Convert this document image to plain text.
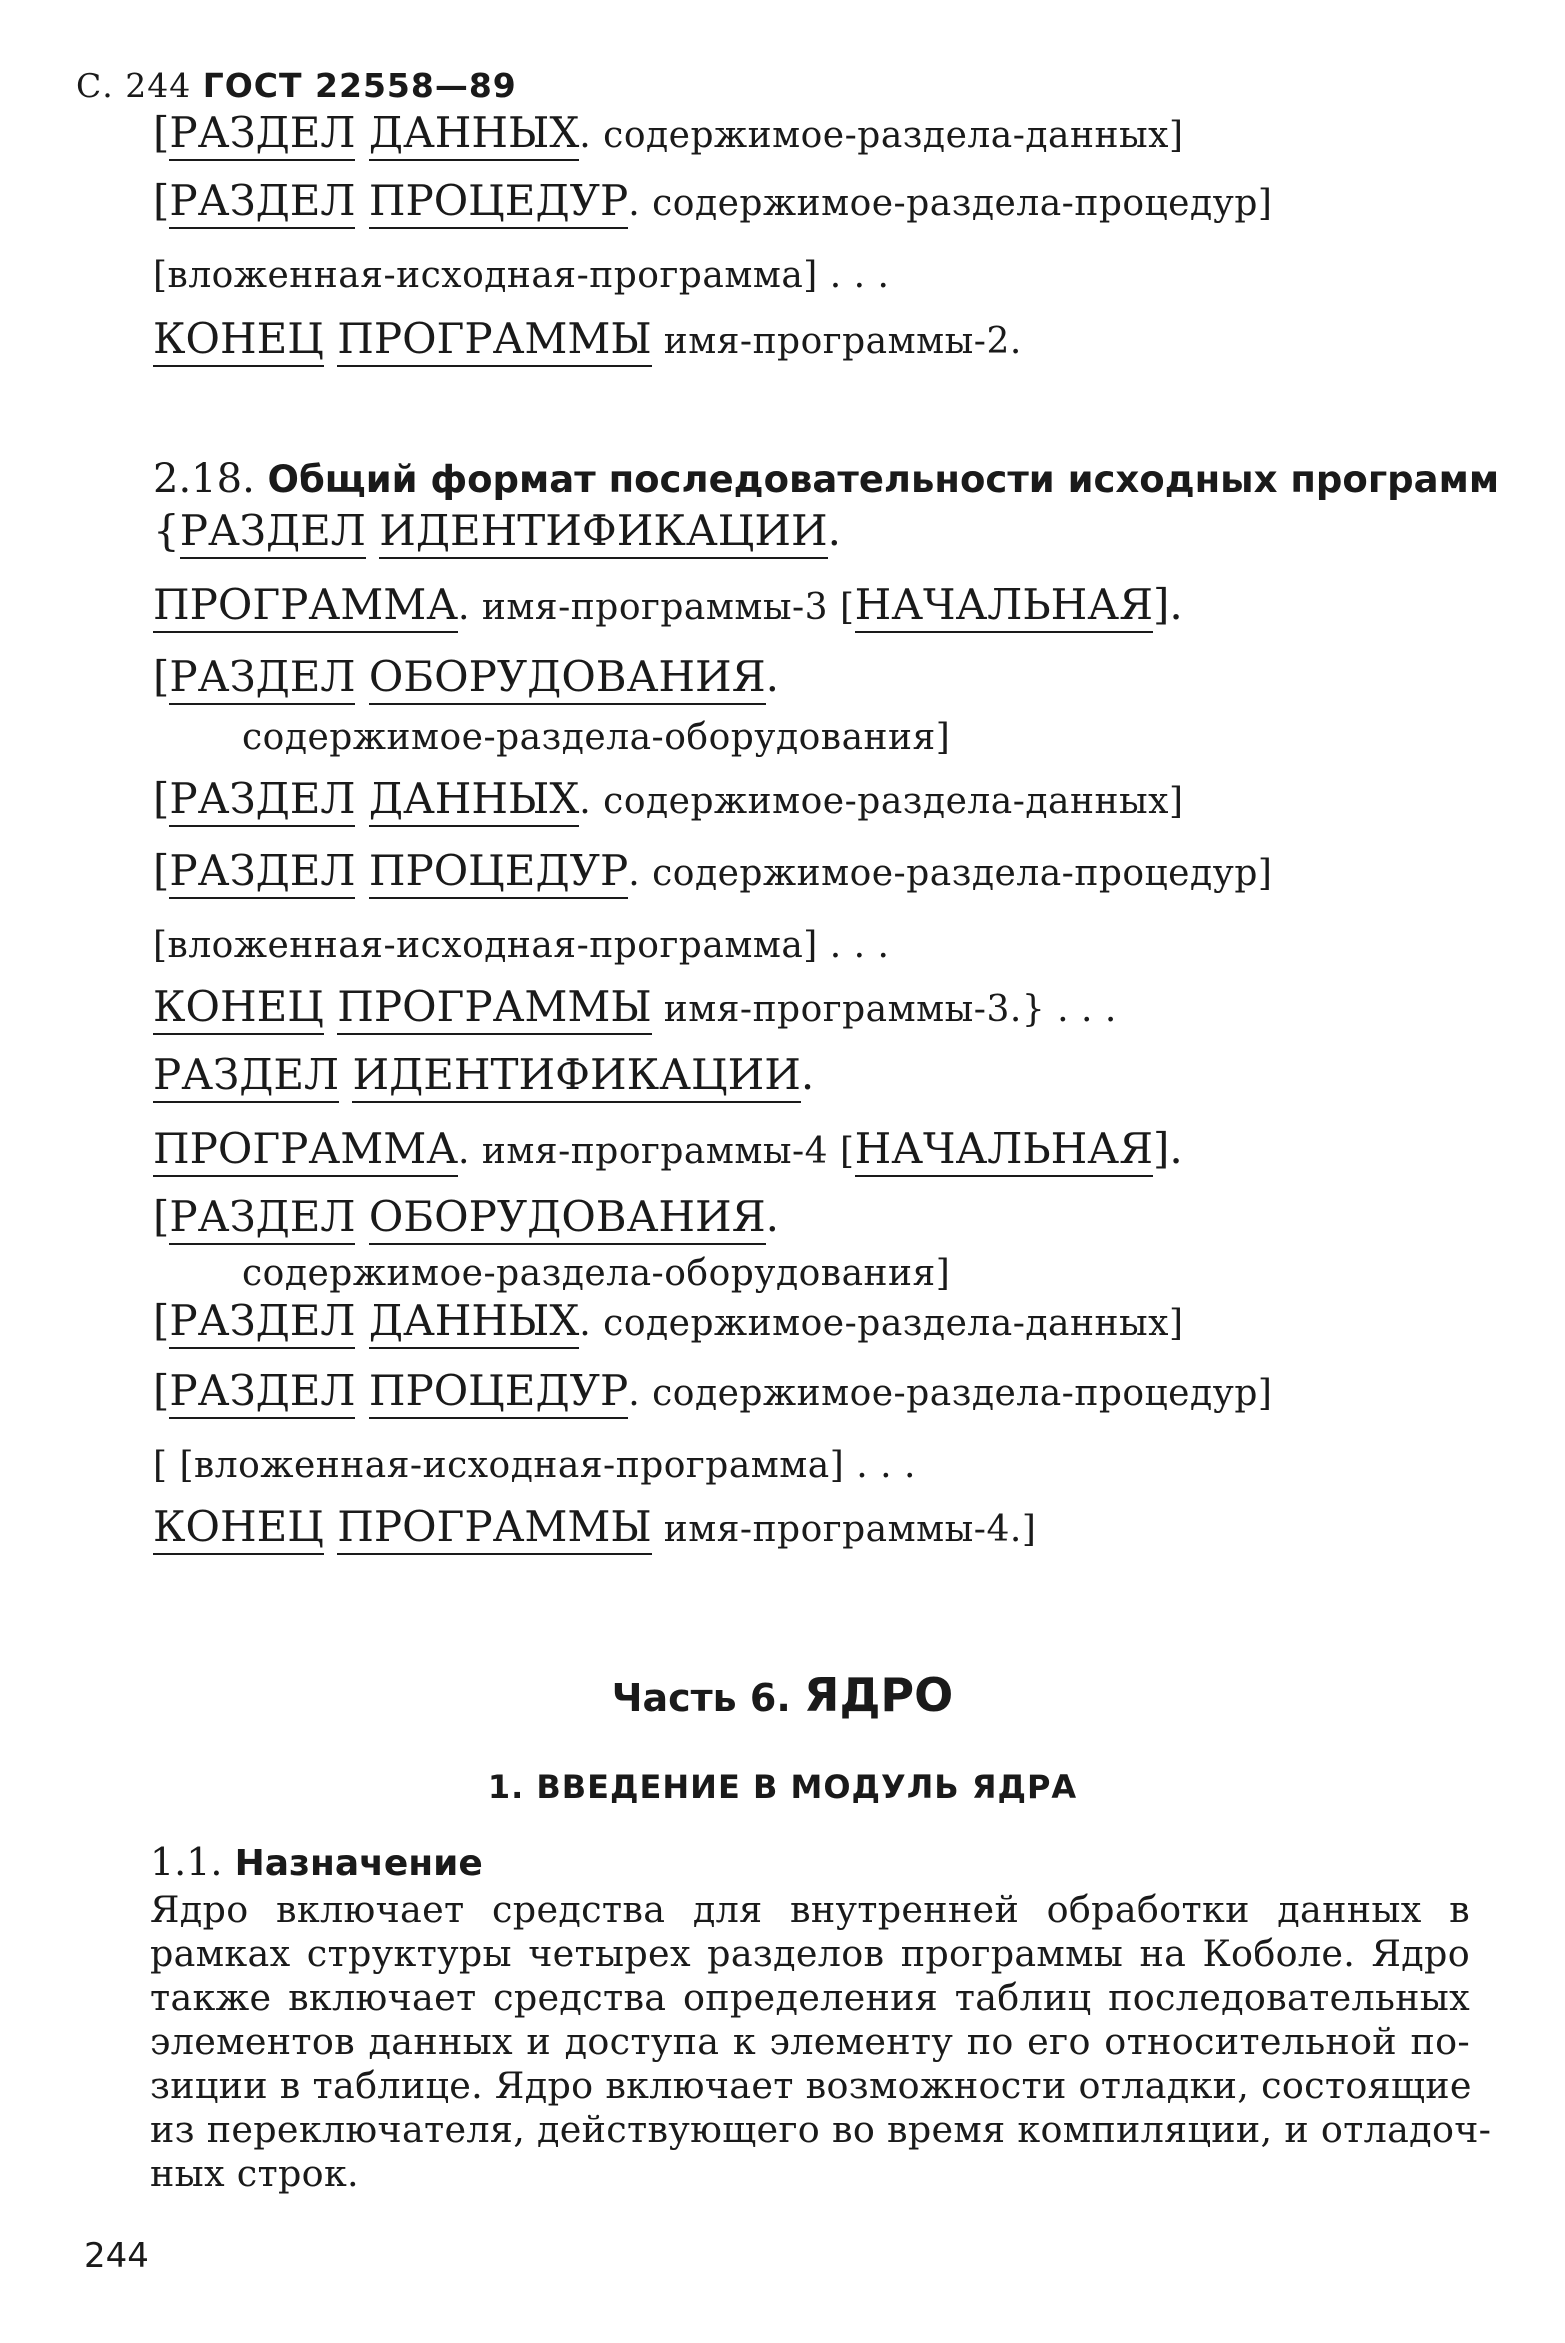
С. 244 ГОСТ 22558—89
[РАЗДЕЛ ДАННЫХ. содержимое-раздела-данных]
[РАЗДЕЛ ПРОЦЕДУР. содержимое-раздела-процедур]
[вложенная-исходная-программа] . . .
КОНЕЦ ПРОГРАММЫ имя-программы-2.
2.18. Общий формат последовательности исходных программ
{РАЗДЕЛ ИДЕНТИФИКАЦИИ.
ПРОГРАММА. имя-программы-3 [НАЧАЛЬНАЯ].
[РАЗДЕЛ ОБОРУДОВАНИЯ.
содержимое-раздела-оборудования]
[РАЗДЕЛ ДАННЫХ. содержимое-раздела-данных]
[РАЗДЕЛ ПРОЦЕДУР. содержимое-раздела-процедур]
[вложенная-исходная-программа] . . .
КОНЕЦ ПРОГРАММЫ имя-программы-3.} . . .
РАЗДЕЛ ИДЕНТИФИКАЦИИ.
ПРОГРАММА. имя-программы-4 [НАЧАЛЬНАЯ].
[РАЗДЕЛ ОБОРУДОВАНИЯ.
содержимое-раздела-оборудования]
[РАЗДЕЛ ДАННЫХ. содержимое-раздела-данных]
[РАЗДЕЛ ПРОЦЕДУР. содержимое-раздела-процедур]
[ [вложенная-исходная-программа] . . .
КОНЕЦ ПРОГРАММЫ имя-программы-4.]
Часть 6. ЯДРО
1. ВВЕДЕНИЕ В МОДУЛЬ ЯДРА
1.1. Назначение
Ядро включает средства для внутренней обработки данных в
рамках структуры четырех разделов программы на Коболе. Ядро
также включает средства определения таблиц последовательных
элементов данных и доступа к элементу по его относительной по-
зиции в таблице. Ядро включает возможности отладки, состоящие
из переключателя, действующего во время компиляции, и отладоч-
ных строк.
244
